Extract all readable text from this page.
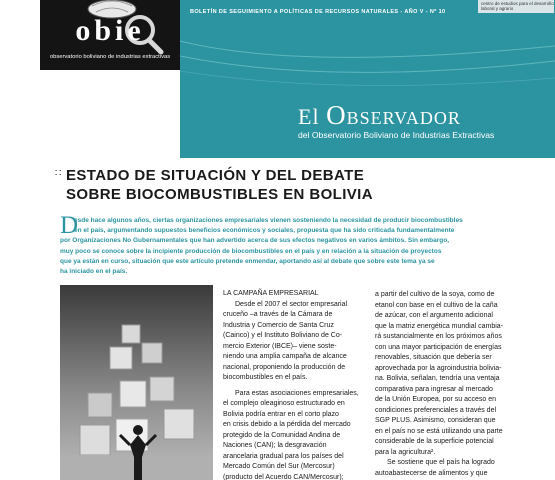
obie
observatorio boliviano de industrias extractivas
BOLETÍN DE SEGUIMIENTO A POLÍTICAS DE RECURSOS NATURALES - AÑO V - Nº 10
centro de estudios para el desarrollo
laboral y agrario
El OBSERVADOR
del Observatorio Boliviano de Industrias Extractivas
∷ ESTADO DE SITUACIÓN Y DEL DEBATE
SOBRE BIOCOMBUSTIBLES EN BOLIVIA
D
esde hace algunos años, ciertas organizaciones empresariales vienen sosteniendo la necesidad de producir biocombustibles
en el país, argumentando supuestos beneficios económicos y sociales, propuesta que ha sido criticada fundamentalmente
por Organizaciones No Gubernamentales que han advertido acerca de sus efectos negativos en varios ámbitos. Sin embargo,
muy poco se conoce sobre la incipiente producción de biocombustibles en el país y en relación a la situación de proyectos
que ya están en curso, situación que este artículo pretende enmendar, aportando así al debate que sobre este tema ya se
ha iniciado en el país.
LA CAMPAÑA EMPRESARIAL
Desde el 2007 el sector empresarial
cruceño –a través de la Cámara de
Industria y Comercio de Santa Cruz
(Cainco) y el Instituto Boliviano de Co-
mercio Exterior (IBCE)– viene soste-
niendo una amplia campaña de alcance
nacional, proponiendo la producción de
biocombustibles en el país.
Para estas asociaciones empresariales,
el complejo oleaginoso estructurado en
Bolivia podría entrar en el corto plazo
en crisis debido a la pérdida del mercado
protegido de la Comunidad Andina de
Naciones (CAN); la desgravación
arancelaria gradual para los países del
Mercado Común del Sur (Mercosur)
(producto del Acuerdo CAN/Mercosur);
a partir del cultivo de la soya, como de
etanol con base en el cultivo de la caña
de azúcar, con el argumento adicional
que la matriz energética mundial cambia-
rá sustancialmente en los próximos años
con una mayor participación de energías
renovables, situación que debería ser
aprovechada por la agroindustria bolivia-
na. Bolivia, señalan, tendría una ventaja
comparativa para ingresar al mercado
de la Unión Europea, por su acceso en
condiciones preferenciales a través del
SGP PLUS. Asimismo, consideran que
en el país no se está utilizando una parte
considerable de la superficie potencial
para la agricultura².
Se sostiene que el país ha logrado
autoabastecerse de alimentos y que
